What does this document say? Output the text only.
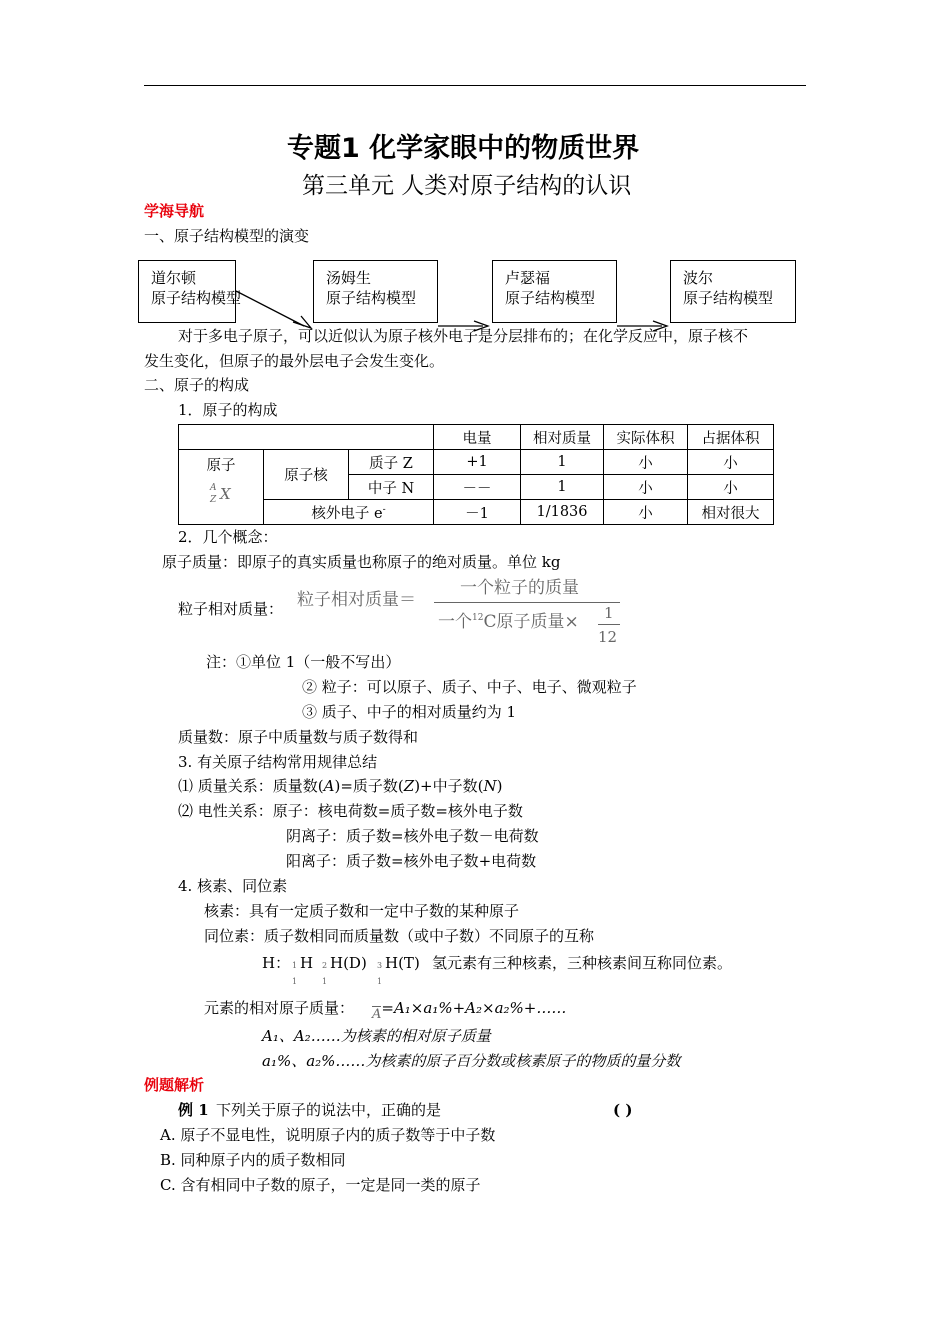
专题1 化学家眼中的物质世界
第三单元 人类对原子结构的认识
学海导航
一、原子结构模型的演变
道尔顿
原子结构模型
汤姆生
原子结构模型
卢瑟福
原子结构模型
波尔
原子结构模型
对于多电子原子，可以近似认为原子核外电子是分层排布的；在化学反应中，原子核不
发生变化，但原子的最外层电子会发生变化。
二、原子的构成
1．原子的构成
			电量	相对质量	实际体积	占据体积

原子
A
Z X	原子核	质子 Z	+1	1	小	小
		中子 N	－－	1	小	小
	核外电子 e-		－1	1/1836	小	相对很大
2．几个概念：
原子质量：即原子的真实质量也称原子的绝对质量。单位 kg
粒子相对质量： 粒子相对质量＝
一个粒子的质量
一个$^{12}$C原子质量× 1
12
注：①单位 1（一般不写出）
② 粒子：可以原子、质子、中子、电子、微观粒子
③ 质子、中子的相对质量约为 1
质量数：原子中质量数与质子数得和
3. 有关原子结构常用规律总结
⑴ 质量关系：质量数(A)=质子数(Z)+中子数(N)
⑵ 电性关系：原子：核电荷数=质子数=核外电子数
阴离子：质子数=核外电子数－电荷数
阳离子：质子数=核外电子数+电荷数
4. 核素、同位素
核素：具有一定质子数和一定中子数的某种原子
同位素：质子数相同而质量数（或中子数）不同原子的互称
H： 1
1
H 2
1
H(D) 3
1
H(T) 氢元素有三种核素，三种核素间互称同位素。
元素的相对原子质量： A=A₁×a₁%+A₂×a₂%+……
A₁、A₂……为核素的相对原子质量
a₁%、a₂%……为核素的原子百分数或核素原子的物质的量分数
例题解析
例 1 下列关于原子的说法中，正确的是	( )
A. 原子不显电性，说明原子内的质子数等于中子数
B. 同种原子内的质子数相同
C. 含有相同中子数的原子，一定是同一类的原子
